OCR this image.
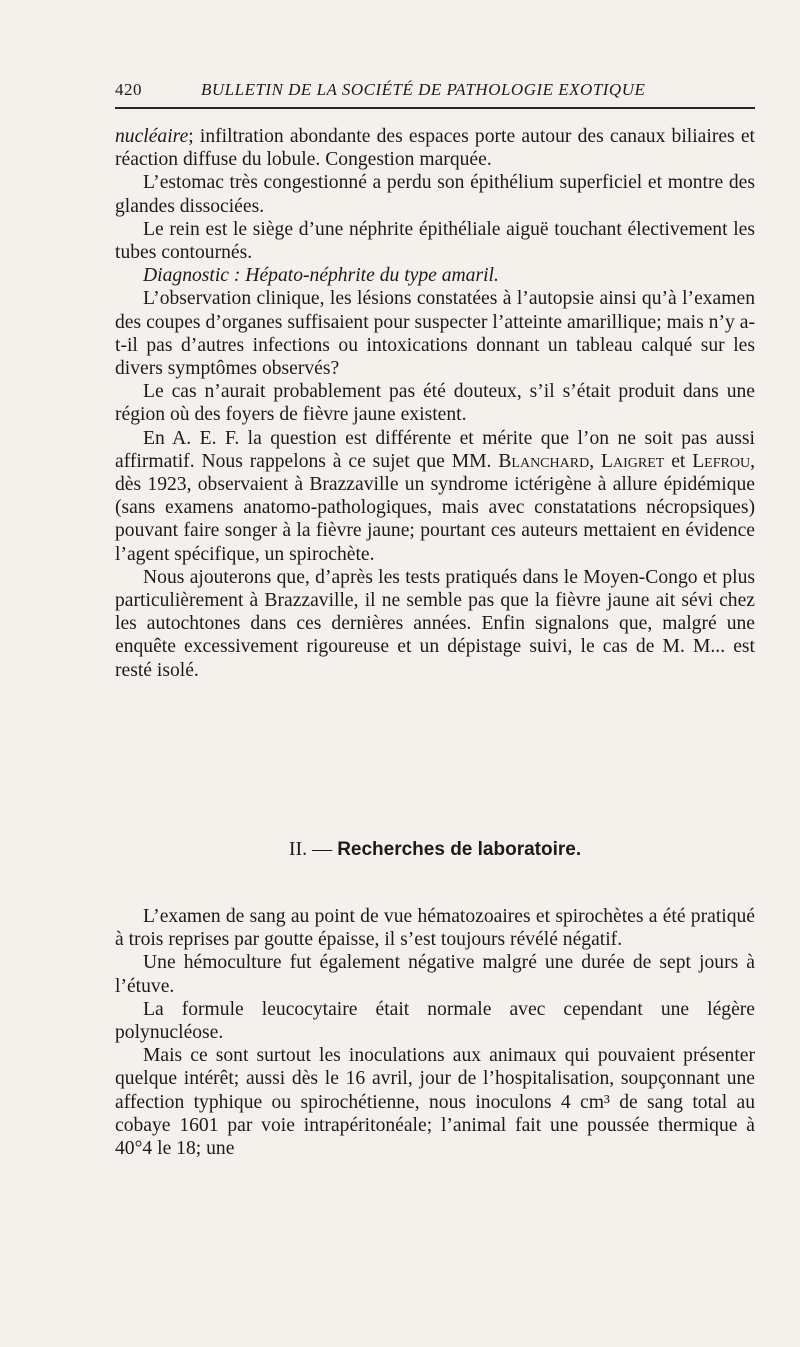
420	BULLETIN DE LA SOCIÉTÉ DE PATHOLOGIE EXOTIQUE

nucléaire; infiltration abondante des espaces porte autour des canaux biliaires et réaction diffuse du lobule. Congestion marquée.

L’estomac très congestionné a perdu son épithélium superficiel et montre des glandes dissociées.

Le rein est le siège d’une néphrite épithéliale aiguë touchant électivement les tubes contournés.

Diagnostic : Hépato-néphrite du type amaril.

L’observation clinique, les lésions constatées à l’autopsie ainsi qu’à l’examen des coupes d’organes suffisaient pour suspecter l’atteinte amarillique; mais n’y a-t-il pas d’autres infections ou intoxications donnant un tableau calqué sur les divers symptômes observés?

Le cas n’aurait probablement pas été douteux, s’il s’était produit dans une région où des foyers de fièvre jaune existent.

En A. E. F. la question est différente et mérite que l’on ne soit pas aussi affirmatif. Nous rappelons à ce sujet que MM. Blanchard, Laigret et Lefrou, dès 1923, observaient à Brazzaville un syndrome ictérigène à allure épidémique (sans examens anatomo-pathologiques, mais avec constatations nécropsiques) pouvant faire songer à la fièvre jaune; pourtant ces auteurs mettaient en évidence l’agent spécifique, un spirochète.

Nous ajouterons que, d’après les tests pratiqués dans le Moyen-Congo et plus particulièrement à Brazzaville, il ne semble pas que la fièvre jaune ait sévi chez les autochtones dans ces dernières années. Enfin signalons que, malgré une enquête excessivement rigoureuse et un dépistage suivi, le cas de M. M... est resté isolé.

II. — Recherches de laboratoire.

L’examen de sang au point de vue hématozoaires et spirochètes a été pratiqué à trois reprises par goutte épaisse, il s’est toujours révélé négatif.

Une hémoculture fut également négative malgré une durée de sept jours à l’étuve.

La formule leucocytaire était normale avec cependant une légère polynucléose.

Mais ce sont surtout les inoculations aux animaux qui pouvaient présenter quelque intérêt; aussi dès le 16 avril, jour de l’hospitalisation, soupçonnant une affection typhique ou spirochétienne, nous inoculons 4 cm³ de sang total au cobaye 1601 par voie intrapéritonéale; l’animal fait une poussée thermique à 40°4 le 18; une
